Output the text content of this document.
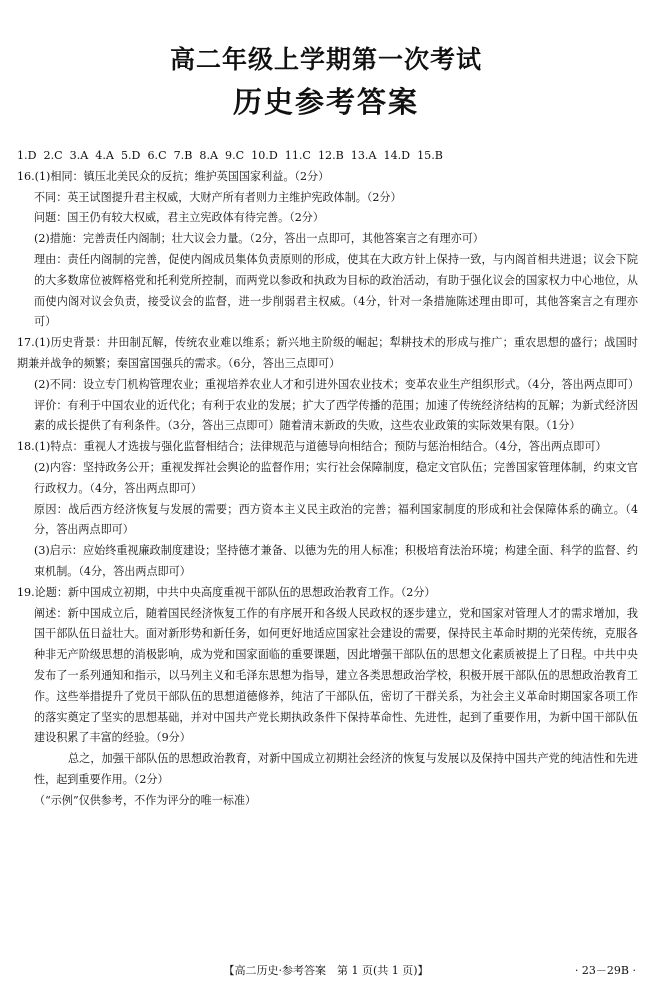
高二年级上学期第一次考试
历史参考答案

1.D  2.C  3.A  4.A  5.D  6.C  7.B  8.A  9.C  10.D  11.C  12.B  13.A  14.D  15.B

16.(1)相同：镇压北美民众的反抗；维护英国国家利益。（2分）

不同：英王试图提升君主权威，大财产所有者则力主维护宪政体制。（2分）

问题：国王仍有较大权威，君主立宪政体有待完善。（2分）

(2)措施：完善责任内阁制；壮大议会力量。（2分，答出一点即可，其他答案言之有理亦可）

理由：责任内阁制的完善，促使内阁成员集体负责原则的形成，使其在大政方针上保持一致，与内阁首相共进退；议会下院的大多数席位被辉格党和托利党所控制，而两党以参政和执政为目标的政治活动，有助于强化议会的国家权力中心地位，从而使内阁对议会负责，接受议会的监督，进一步削弱君主权威。（4分，针对一条措施陈述理由即可，其他答案言之有理亦可）

17.(1)历史背景：井田制瓦解，传统农业难以维系；新兴地主阶级的崛起；犁耕技术的形成与推广；重农思想的盛行；战国时期兼并战争的频繁；秦国富国强兵的需求。（6分，答出三点即可）

(2)不同：设立专门机构管理农业；重视培养农业人才和引进外国农业技术；变革农业生产组织形式。（4分，答出两点即可）

评价：有利于中国农业的近代化；有利于农业的发展；扩大了西学传播的范围；加速了传统经济结构的瓦解；为新式经济因素的成长提供了有利条件。（3分，答出三点即可）随着清末新政的失败，这些农业政策的实际效果有限。（1分）

18.(1)特点：重视人才选拔与强化监督相结合；法律规范与道德导向相结合；预防与惩治相结合。（4分，答出两点即可）

(2)内容：坚持政务公开；重视发挥社会舆论的监督作用；实行社会保障制度，稳定文官队伍；完善国家管理体制，约束文官行政权力。（4分，答出两点即可）

原因：战后西方经济恢复与发展的需要；西方资本主义民主政治的完善；福利国家制度的形成和社会保障体系的确立。（4分，答出两点即可）

(3)启示：应始终重视廉政制度建设；坚持德才兼备、以德为先的用人标准；积极培育法治环境；构建全面、科学的监督、约束机制。（4分，答出两点即可）

19.论题：新中国成立初期，中共中央高度重视干部队伍的思想政治教育工作。（2分）

阐述：新中国成立后，随着国民经济恢复工作的有序展开和各级人民政权的逐步建立，党和国家对管理人才的需求增加，我国干部队伍日益壮大。面对新形势和新任务，如何更好地适应国家社会建设的需要，保持民主革命时期的光荣传统，克服各种非无产阶级思想的消极影响，成为党和国家面临的重要课题，因此增强干部队伍的思想文化素质被提上了日程。中共中央发布了一系列通知和指示，以马列主义和毛泽东思想为指导，建立各类思想政治学校，积极开展干部队伍的思想政治教育工作。这些举措提升了党员干部队伍的思想道德修养，纯洁了干部队伍，密切了干群关系，为社会主义革命时期国家各项工作的落实奠定了坚实的思想基础，并对中国共产党长期执政条件下保持革命性、先进性，起到了重要作用，为新中国干部队伍建设积累了丰富的经验。（9分）

总之，加强干部队伍的思想政治教育，对新中国成立初期社会经济的恢复与发展以及保持中国共产党的纯洁性和先进性，起到重要作用。（2分）

（“示例”仅供参考，不作为评分的唯一标准）

【高二历史·参考答案　第 1 页(共 1 页)】	· 23－29B ·
